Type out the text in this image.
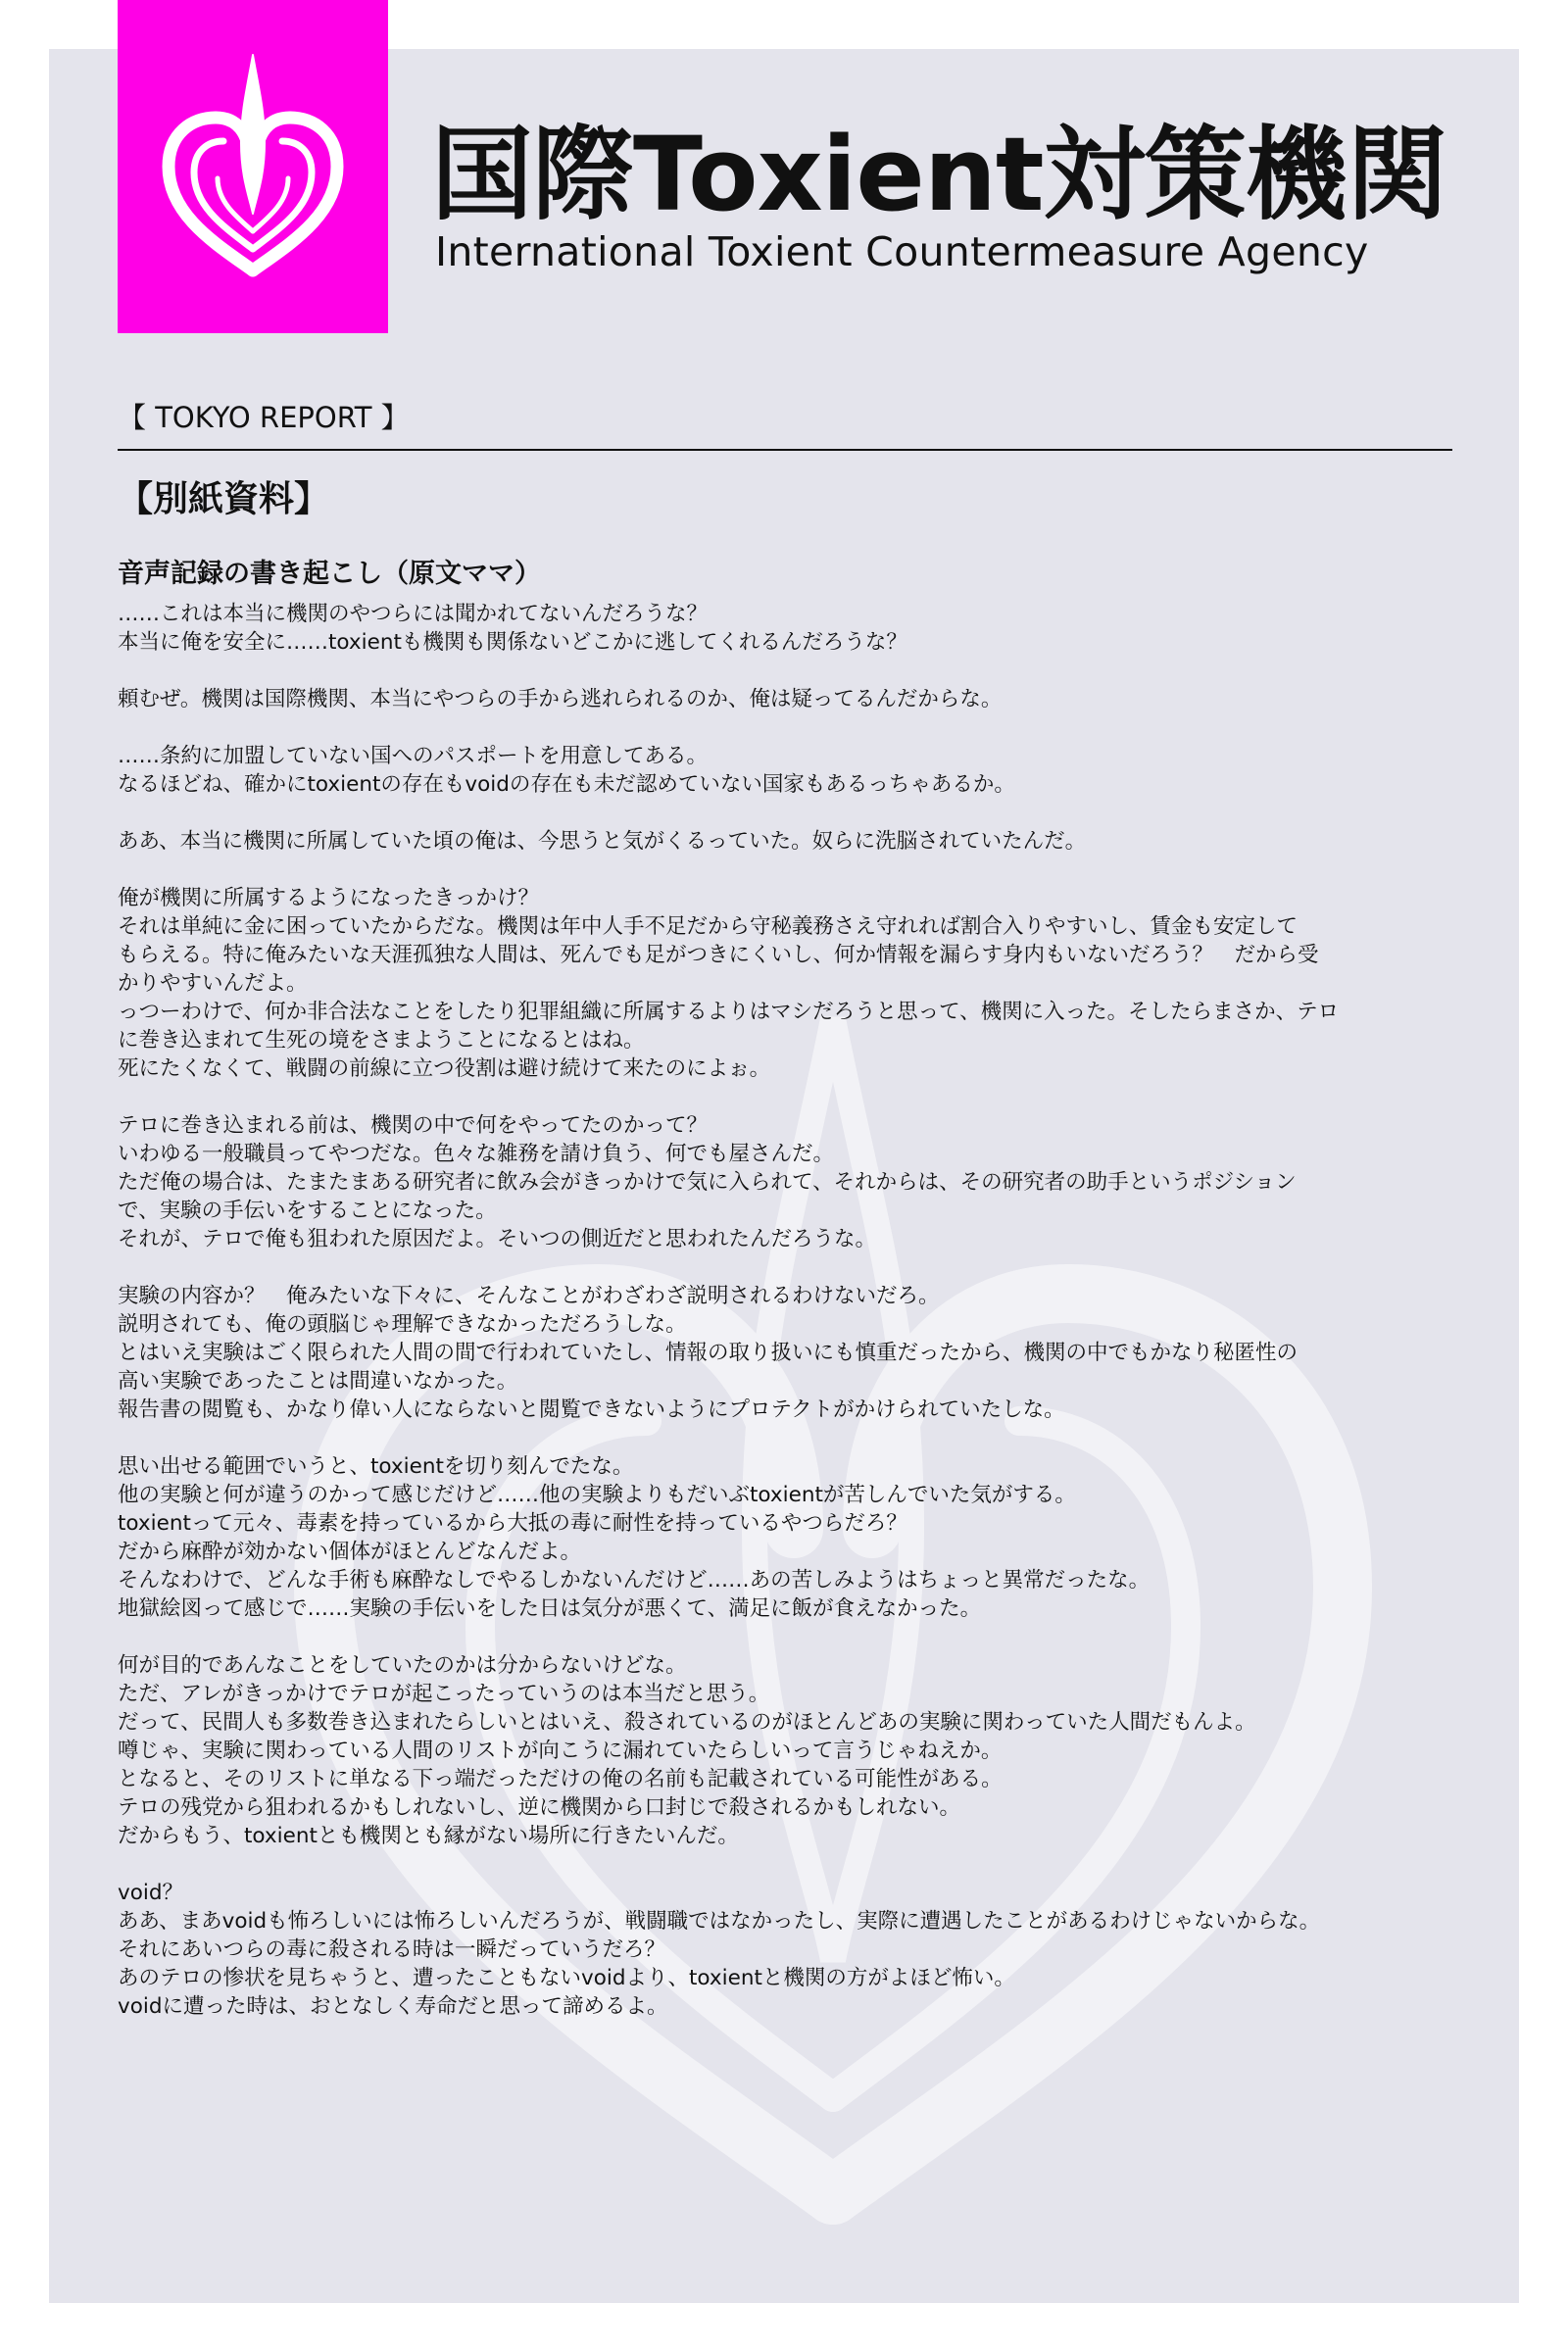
国際Toxient対策機関
International Toxient Countermeasure Agency
【 TOKYO REPORT 】
【別紙資料】
音声記録の書き起こし（原文ママ）
……これは本当に機関のやつらには聞かれてないんだろうな？
本当に俺を安全に……toxientも機関も関係ないどこかに逃してくれるんだろうな？
頼むぜ。機関は国際機関、本当にやつらの手から逃れられるのか、俺は疑ってるんだからな。
……条約に加盟していない国へのパスポートを用意してある。
なるほどね、確かにtoxientの存在もvoidの存在も未だ認めていない国家もあるっちゃあるか。
ああ、本当に機関に所属していた頃の俺は、今思うと気がくるっていた。奴らに洗脳されていたんだ。
俺が機関に所属するようになったきっかけ？
それは単純に金に困っていたからだな。機関は年中人手不足だから守秘義務さえ守れれば割合入りやすいし、賃金も安定して
もらえる。特に俺みたいな天涯孤独な人間は、死んでも足がつきにくいし、何か情報を漏らす身内もいないだろう？　だから受
かりやすいんだよ。
っつーわけで、何か非合法なことをしたり犯罪組織に所属するよりはマシだろうと思って、機関に入った。そしたらまさか、テロ
に巻き込まれて生死の境をさまようことになるとはね。
死にたくなくて、戦闘の前線に立つ役割は避け続けて来たのによぉ。
テロに巻き込まれる前は、機関の中で何をやってたのかって？
いわゆる一般職員ってやつだな。色々な雑務を請け負う、何でも屋さんだ。
ただ俺の場合は、たまたまある研究者に飲み会がきっかけで気に入られて、それからは、その研究者の助手というポジション
で、実験の手伝いをすることになった。
それが、テロで俺も狙われた原因だよ。そいつの側近だと思われたんだろうな。
実験の内容か？　俺みたいな下々に、そんなことがわざわざ説明されるわけないだろ。
説明されても、俺の頭脳じゃ理解できなかっただろうしな。
とはいえ実験はごく限られた人間の間で行われていたし、情報の取り扱いにも慎重だったから、機関の中でもかなり秘匿性の
高い実験であったことは間違いなかった。
報告書の閲覧も、かなり偉い人にならないと閲覧できないようにプロテクトがかけられていたしな。
思い出せる範囲でいうと、toxientを切り刻んでたな。
他の実験と何が違うのかって感じだけど……他の実験よりもだいぶtoxientが苦しんでいた気がする。
toxientって元々、毒素を持っているから大抵の毒に耐性を持っているやつらだろ？
だから麻酔が効かない個体がほとんどなんだよ。
そんなわけで、どんな手術も麻酔なしでやるしかないんだけど……あの苦しみようはちょっと異常だったな。
地獄絵図って感じで……実験の手伝いをした日は気分が悪くて、満足に飯が食えなかった。
何が目的であんなことをしていたのかは分からないけどな。
ただ、アレがきっかけでテロが起こったっていうのは本当だと思う。
だって、民間人も多数巻き込まれたらしいとはいえ、殺されているのがほとんどあの実験に関わっていた人間だもんよ。
噂じゃ、実験に関わっている人間のリストが向こうに漏れていたらしいって言うじゃねえか。
となると、そのリストに単なる下っ端だっただけの俺の名前も記載されている可能性がある。
テロの残党から狙われるかもしれないし、逆に機関から口封じで殺されるかもしれない。
だからもう、toxientとも機関とも縁がない場所に行きたいんだ。
void？
ああ、まあvoidも怖ろしいには怖ろしいんだろうが、戦闘職ではなかったし、実際に遭遇したことがあるわけじゃないからな。
それにあいつらの毒に殺される時は一瞬だっていうだろ？
あのテロの惨状を見ちゃうと、遭ったこともないvoidより、toxientと機関の方がよほど怖い。
voidに遭った時は、おとなしく寿命だと思って諦めるよ。
